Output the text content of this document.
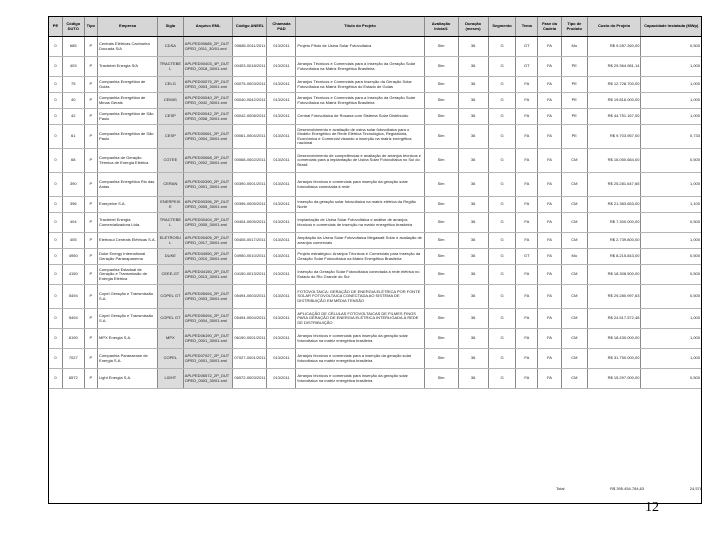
PE	Código DUTO	Tipo	Empresa	Sigla	Arquivo EML	Código ANEEL	Chamada P&D	Título do Projeto	Avaliação Inicial1	Duração (meses)	Segmento	Tema	Fase da Cadeia	Tipo de Produto	Custo do Projeto	Capacidade Instalada (MWp)
0	685	P	Centrais Elétricas Cachoeira Dourada S/A	CDSA	APLPED00685_2P_DUTOPED_0011_30/01.xml	00685-0011/2011	013/2011	Projeto Piloto de Usina Solar Fotovoltaica	Sim	36	G	GT	FA	Mo	R$ 9.287.260,00	0,500
0	403	P	Tractebel Energia S/A	TRACTEBEL	APLPED00403_4P_DUTOPED_0018_30/01.xml	00403-0018/2011	013/2011	Arranjos Técnicos e Comerciais para a Inserção da Geração Solar Fotovoltaica na Matriz Energética Brasileira	Sim	36	G	GT	FA	PE	R$ 29.364.981,14	1,000
0	75	P	Companhia Energética de Goiás	CELG	APLPED00075_2P_DUTOPED_0003_30/01.xml	00075-0003/2011	013/2011	Arranjos Técnicos e Comerciais para Inserção da Geração Solar Fotovoltaica na Matriz Energética do Estado de Goiás	Sim	36	G	FA	FA	PE	R$ 12.728.700,00	1,000
0	40	P	Companhia Energética de Minas Gerais	CEMIG	APLPED00040_2P_DUTOPED_0042_30/01.xml	00040-0042/2011	013/2011	Arranjos Técnicos e Comerciais para a Inserção da Geração Solar Fotovoltaica na Matriz Energética Brasileira	Sim	36	G	FA	FA	PE	R$ 19.816.000,00	1,000
0	42	P	Companhia Energética de São Paulo	CESP	APLPED00042_2P_DUTOPED_0008_30/01.xml	00042-0008/2011	013/2011	Central Fotovoltaica de Rosana com Sistema Solar Distribuído	Sim	36	G	FA	FA	PE	R$ 44.751.167,00	1,000
0	61	P	Companhia Energética de São Paulo	CESP	APLPED00061_2P_DUTOPED_0004_30/01.xml	00061-0004/2011	013/2011	Desenvolvimento e avaliação de usina solar fotovoltaica para o Modelo Energético de Rede Elétrica Tecnológica, Regulatória, Econômica e Comercial visando a inserção na matriz energética nacional	Sim	36	G	FA	FA	PE	R$ 9.703.957,00	0,733
0	68	P	Companhia de Geração Térmica de Energia Elétrica	CGTEE	APLPED00068_2P_DUTOPED_0002_30/01.xml	00068-0002/2011	013/2011	Desenvolvimento de competências e avaliação de arranjos técnicos e comerciais para a implantação de Usina Solar Fotovoltaica no Sul do Brasil	Sim	36	G	FA	FA	CM	R$ 16.050.684,00	0,500
0	390	P	Companhia Energética Rio das Antas	CERAN	APLPED00390_2P_DUTOPED_0001_30/01.xml	00390-0001/2011	013/2011	Arranjos técnicos e comerciais para inserção da geração solar fotovoltaica conectada à rede	Sim	36	G	FA	FA	CM	R$ 25.281.647,65	1,000
0	396	P	Enerpeixe S.A.	ENERPEIXE	APLPED00396_2P_DUTOPED_0005_30/01.xml	00396-0005/2011	013/2011	Inserção da geração solar fotovoltaica na matriz elétrica da Região Norte	Sim	36	G	FA	FA	CM	R$ 21.383.653,00	1,100
0	404	P	Tractebel Energia Comercializadora Ltda.	TRACTEBEL	APLPED00404_2P_DUTOPED_0005_30/01.xml	00404-0005/2011	013/2011	Implantação de Usina Solar Fotovoltaica e análise de arranjos técnicos e comerciais de inserção na matriz energética brasileira	Sim	36	G	FA	FA	CM	R$ 7.300.000,00	0,500
0	405	P	Eletrosul Centrais Elétricas S.A.	ELETROSUL	APLPED00405_2P_DUTOPED_0017_30/01.xml	00405-0017/2011	013/2011	Ampliação da Usina Solar Fotovoltaica Megawatt Solar e avaliação de arranjos comerciais	Sim	36	G	FA	FA	CM	R$ 2.739.800,00	1,000
0	4950	P	Duke Energy International Geração Paranapanema	DUKE	APLPED04950_2P_DUTOPED_0010_30/01.xml	04950-0010/2011	013/2011	Projeto estratégico: Arranjos Técnicos e Comerciais para Inserção da Geração Solar Fotovoltaica na Matriz Energética Brasileira	Sim	36	G	GT	FA	Mo	R$ 8.215.843,00	0,500
0	4150	P	Companhia Estadual de Geração e Transmissão de Energia Elétrica	CEEE-GT	APLPED04150_2P_DUTOPED_0013_30/01.xml	04150-0013/2011	013/2011	Inserção da Geração Solar Fotovoltaica conectada à rede elétrica no Estado do Rio Grande do Sul	Sim	36	G	FA	FA	CM	R$ 18.308.500,00	0,500
0	5494	P	Copel Geração e Transmissão S.A.	COPEL GT	APLPED05494_2P_DUTOPED_0003_30/01.xml	05494-0003/2011	013/2011	FOTOVOLTAICA: GERAÇÃO DE ENERGIA ELÉTRICA POR FONTE SOLAR FOTOVOLTAICA CONECTADA AO SISTEMA DE DISTRIBUIÇÃO EM MÉDIA TENSÃO	Sim	36	G	FA	FA	CM	R$ 29.280.997,63	0,500
0	5494	P	Copel Geração e Transmissão S.A.	COPEL GT	APLPED05494_2P_DUTOPED_0004_30/01.xml	05494-0004/2011	013/2011	APLICAÇÃO DE CÉLULAS FOTOVOLTAICAS DE FILMES FINOS PARA GERAÇÃO DE ENERGIA ELÉTRICA INTERLIGADA À REDE DE DISTRIBUIÇÃO	Sim	36	G	FA	FA	CM	R$ 24.517.572,48	1,000
0	6190	P	MPX Energia S.A.	MPX	APLPED06190_2P_DUTOPED_0001_30/01.xml	06190-0001/2011	013/2011	Arranjos técnicos e comerciais para inserção da geração solar fotovoltaica na matriz energética brasileira	Sim	36	G	FA	FA	CM	R$ 18.430.000,00	1,000
0	7027	P	Companhia Paranaense de Energia S.A.	COPEL	APLPED07027_2P_DUTOPED_0001_30/01.xml	07027-0001/2011	013/2011	Arranjos técnicos e comerciais para a inserção da geração solar fotovoltaica na matriz energética brasileira	Sim	36	G	FA	FA	CM	R$ 31.750.000,00	1,000
0	6572	P	Light Energia S.A.	LIGHT	APLPED06572_2P_DUTOPED_0003_30/01.xml	06572-0003/2011	013/2011	Arranjos técnicos e comerciais para inserção da geração solar fotovoltaica na matriz energética brasileira	Sim	36	G	FA	FA	CM	R$ 15.297.000,00	0,500
Total	R$ 395.454.784,63	24,578
12
